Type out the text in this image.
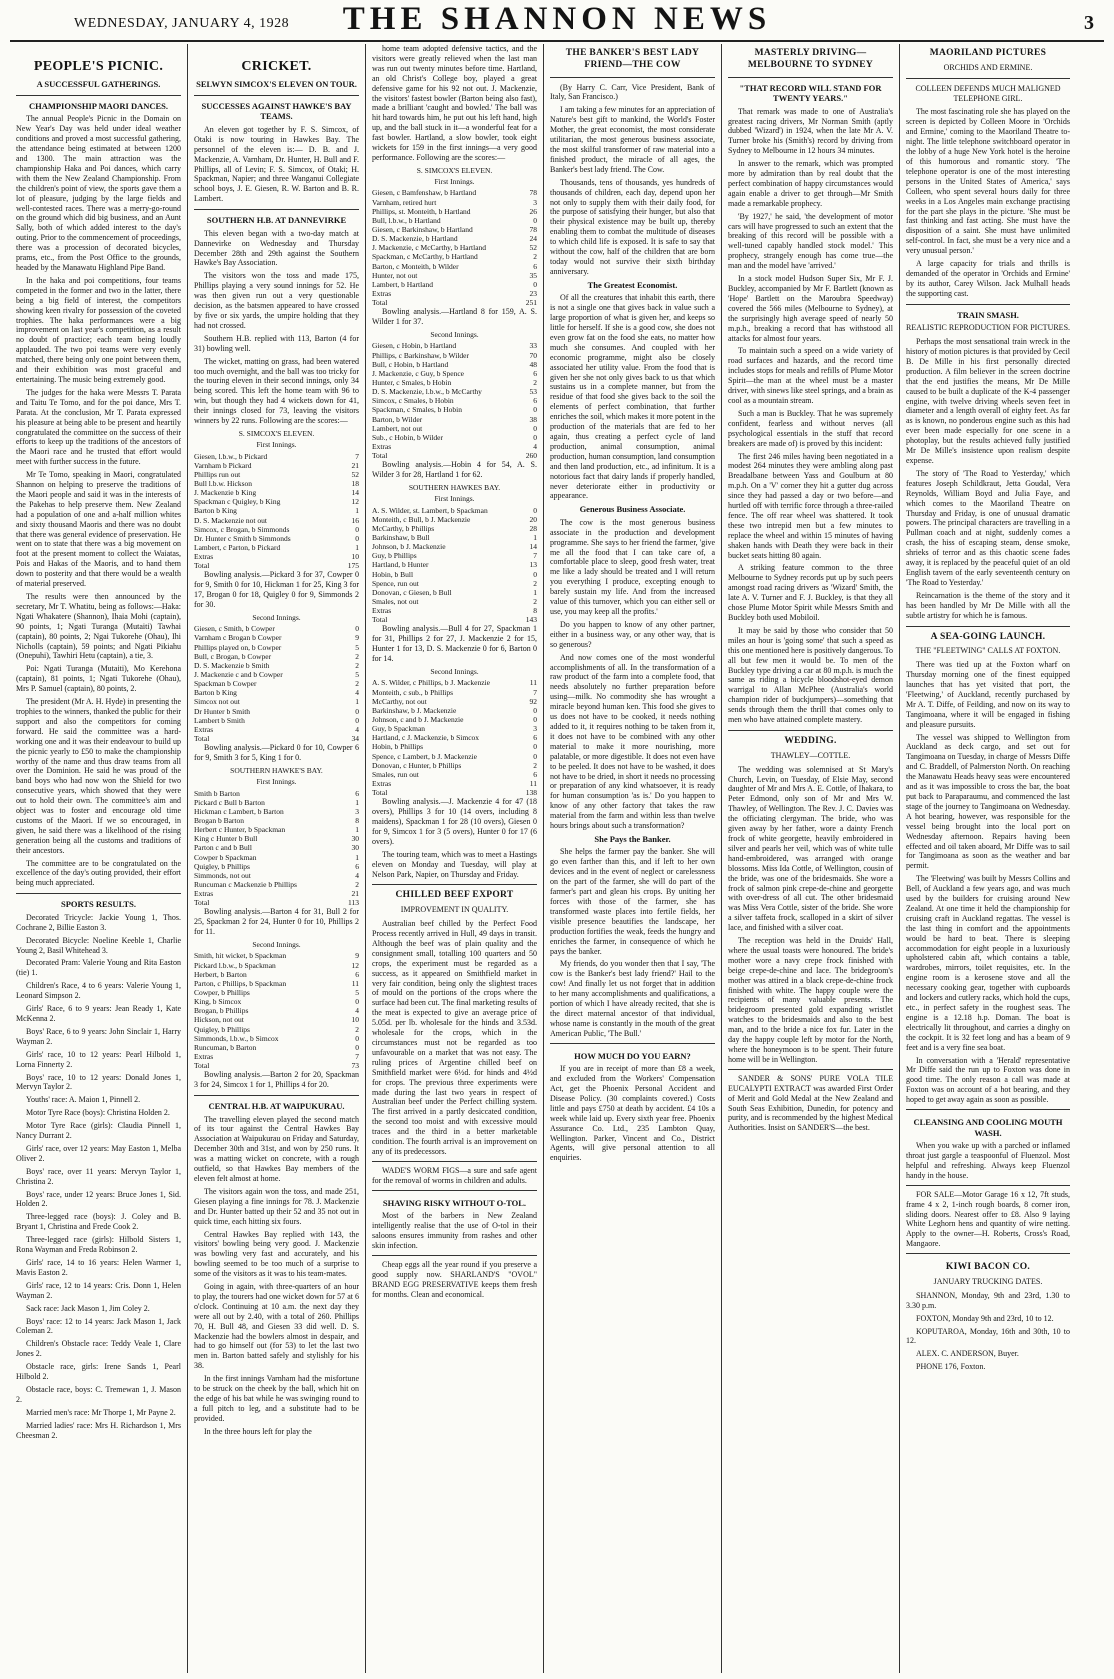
WEDNESDAY, JANUARY 4, 1928	THE SHANNON NEWS	3
PEOPLE'S PICNIC.
A SUCCESSFUL GATHERINGS.
CHAMPIONSHIP MAORI DANCES.

The annual People's Picnic in the Domain on New Year's Day was held under ideal weather conditions and proved a most successful gathering, the attendance being estimated at between 1200 and 1300. The main attraction was the championship Haka and Poi dances, which carry with them the New Zealand Championship. From the children's point of view, the sports gave them a lot of pleasure, judging by the large fields and well-contested races. There was a merry-go-round on the ground which did big business, and an Aunt Sally, both of which added interest to the day's outing. Prior to the commencement of proceedings, there was a procession of decorated bicycles, prams, etc., from the Post Office to the grounds, headed by the Manawatu Highland Pipe Band.

In the haka and poi competitions, four teams competed in the former and two in the latter, there being a big field of interest, the competitors showing keen rivalry for possession of the coveted trophies. The haka performances were a big improvement on last year's competition, as a result no doubt of practice; each team being loudly applauded. The two poi teams were very evenly matched, there being only one point between them, and their exhibition was most graceful and entertaining. The music being extremely good.

The judges for the haka were Messrs T. Parata and Taitu Te Tomo, and for the poi dance, Mrs T. Parata. At the conclusion, Mr T. Parata expressed his pleasure at being able to be present and heartily congratulated the committee on the success of their efforts to keep up the traditions of the ancestors of the Maori race and he trusted that effort would meet with further success in the future.

Mr Te Tomo, speaking in Maori, congratulated Shannon on helping to preserve the traditions of the Maori people and said it was in the interests of the Pakehas to help preserve them. New Zealand had a population of one and a-half million whites and sixty thousand Maoris and there was no doubt that there was general evidence of preservation. He went on to state that there was a big movement on foot at the present moment to collect the Waiatas, Pois and Hakas of the Maoris, and to hand them down to posterity and that there would be a wealth of material preserved.

The results were then announced by the secretary, Mr T. Whatitu, being as follows:—Haka: Ngati Whakatere (Shannon), Ihaia Mohi (captain), 90 points, 1; Ngati Turanga (Mutaiti) Tawhai (captain), 80 points, 2; Ngai Tukorehe (Ohau), Ihi Nicholls (captain), 59 points; and Ngati Pikiahu (Onepuhi), Tawhiri Hetu (captain), a tie, 3.

Poi: Ngati Turanga (Mutaiti), Mo Kerehona (captain), 81 points, 1; Ngati Tukorehe (Ohau), Mrs P. Samuel (captain), 80 points, 2.

The president (Mr A. H. Hyde) in presenting the trophies to the winners, thanked the public for their support and also the competitors for coming forward. He said the committee was a hard-working one and it was their endeavour to build up the picnic yearly to £50 to make the championship worthy of the name and thus draw teams from all over the Dominion. He said he was proud of the band boys who had now won the Shield for two consecutive years, which showed that they were out to hold their own. The committee's aim and object was to foster and encourage old time customs of the Maori. If we so encouraged, in given, he said there was a likelihood of the rising generation being all the customs and traditions of their ancestors.

The committee are to be congratulated on the excellence of the day's outing provided, their effort being much appreciated.

SPORTS RESULTS.

Decorated Tricycle: Jackie Young 1, Thos. Cochrane 2, Billie Easton 3.

Decorated Bicycle: Noeline Keeble 1, Charlie Young 2, Basil Whitehead 3.

Decorated Pram: Valerie Young and Rita Easton (tie) 1.

Children's Race, 4 to 6 years: Valerie Young 1, Leonard Simpson 2.

Girls' Race, 6 to 9 years: Jean Ready 1, Kate McKenna 2.

Boys' Race, 6 to 9 years: John Sinclair 1, Harry Wayman 2.

Girls' race, 10 to 12 years: Pearl Hilbold 1, Lorna Finnerty 2.

Boys' race, 10 to 12 years: Donald Jones 1, Mervyn Taylor 2.

Youths' race: A. Maion 1, Pinnell 2.

Motor Tyre Race (boys): Christina Holden 2.

Motor Tyre Race (girls): Claudia Pinnell 1, Nancy Durrant 2.

Girls' race, over 12 years: May Easton 1, Melba Oliver 2.

Boys' race, over 11 years: Mervyn Taylor 1, Christina 2.

Boys' race, under 12 years: Bruce Jones 1, Sid. Holden 2.

Three-legged race (boys): J. Coley and B. Bryant 1, Christina and Frede Cook 2.

Three-legged race (girls): Hilbold Sisters 1, Rona Wayman and Freda Robinson 2.

Girls' race, 14 to 16 years: Helen Warmer 1, Mavis Easton 2.

Girls' race, 12 to 14 years: Cris. Donn 1, Helen Wayman 2.

Sack race: Jack Mason 1, Jim Coley 2.

Boys' race: 12 to 14 years: Jack Mason 1, Jack Coleman 2.

Children's Obstacle race: Teddy Veale 1, Clare Jones 2.

Obstacle race, girls: Irene Sands 1, Pearl Hilbold 2.

Obstacle race, boys: C. Tremewan 1, J. Mason 2.

Married men's race: Mr Thorpe 1, Mr Payne 2.

Married ladies' race: Mrs H. Richardson 1, Mrs Cheesman 2.

CRICKET.
SELWYN SIMCOX'S ELEVEN ON TOUR.
SUCCESSES AGAINST HAWKE'S BAY TEAMS.

An eleven got together by F. S. Simcox, of Otaki is now touring in Hawkes Bay. The personnel of the eleven is:— D. B. and J. Mackenzie, A. Varnham, Dr. Hunter, H. Bull and F. Phillips, all of Levin; F. S. Simcox, of Otaki; H. Spackman, Napier; and three Wanganui Collegiate school boys, J. E. Giesen, R. W. Barton and B. R. Lambert.

SOUTHERN H.B. AT DANNEVIRKE

This eleven began with a two-day match at Dannevirke on Wednesday and Thursday December 28th and 29th against the Southern Hawke's Bay Association.

The visitors won the toss and made 175, Phillips playing a very sound innings for 52. He was then given run out a very questionable decision, as the batsmen appeared to have crossed by five or six yards, the umpire holding that they had not crossed.

Southern H.B. replied with 113, Barton (4 for 31) bowling well.

The wicket, matting on grass, had been watered too much overnight, and the ball was too tricky for the touring eleven in their second innings, only 34 being scored. This left the home team with 96 to win, but though they had 4 wickets down for 41, their innings closed for 73, leaving the visitors winners by 22 runs. Following are the scores:—

S. SIMCOX'S ELEVEN.
First Innings.
Giesen, l.b.w., b Pickard	7
Varnham b Pickard	21
Phillips run out	52
Bull l.b.w. Hickson	18
J. Mackenzie b King	14
Spackman c Quigley, b King	12
Barton b King	1
D. S. Mackenzie not out	16
Simcox, c Brogan, b Simmonds	0
Dr. Hunter c Smith b Simmonds	0
Lambert, c Parton, b Pickard	1
Extras	10
Total	175

Bowling analysis.—Pickard 3 for 37, Cowper 0 for 9, Smith 0 for 10, Hickman 1 for 25, King 3 for 17, Brogan 0 for 18, Quigley 0 for 9, Simmonds 2 for 30.

Second Innings.
Giesen, c Smith, b Cowper	0
Varnham c Brogan b Cowper	9
Phillips played on, b Cowper	5
Bull, c Brogan, b Cowper	2
D. S. Mackenzie b Smith	2
J. Mackenzie c and b Cowper	5
Spackman b Cowper	2
Barton b King	4
Simcox not out	1
Dr Hunter b Smith	0
Lambert b Smith	0
Extras	4
Total	34

Bowling analysis.—Pickard 0 for 10, Cowper 6 for 9, Smith 3 for 5, King 1 for 0.

SOUTHERN HAWKE'S BAY.
First Innings.
Smith b Barton	6
Pickard c Bull b Barton	1
Hickman c Lambert, b Barton	3
Brogan b Barton	8
Herbert c Hunter, b Spackman	1
King c Hunter b Bull	30
Parton c and b Bull	30
Cowper b Spackman	1
Quigley, b Phillips	6
Simmonds, not out	4
Runcuman c Mackenzie b Phillips	2
Extras	21
Total	113

Bowling analysis.—Barton 4 for 31, Bull 2 for 25, Spackman 2 for 24, Hunter 0 for 10, Phillips 2 for 11.

Second Innings.
Smith, hit wicket, b Spackman	9
Pickard l.b.w., b Spackman	12
Herbert, b Barton	6
Parton, c Phillips, b Spackman	11
Cowper, b Phillips	5
King, b Simcox	0
Brogan, b Phillips	4
Hickson, not out	10
Quigley, b Phillips	2
Simmonds, l.b.w., b Simcox	0
Runcuman, b Barton	0
Extras	7
Total	73

Bowling analysis.—Barton 2 for 20, Spackman 3 for 24, Simcox 1 for 1, Phillips 4 for 20.

CENTRAL H.B. AT WAIPUKURAU.

The travelling eleven played the second match of its tour against the Central Hawkes Bay Association at Waipukurau on Friday and Saturday, December 30th and 31st, and won by 250 runs. It was a matting wicket on concrete, with a rough outfield, so that Hawkes Bay members of the eleven felt almost at home.

The visitors again won the toss, and made 251, Giesen playing a fine innings for 78. J. Mackenzie and Dr. Hunter batted up their 52 and 35 not out in quick time, each hitting six fours.

Central Hawkes Bay replied with 143, the visitors' bowling being very good. J. Mackenzie was bowling very fast and accurately, and his bowling seemed to be too much of a surprise to some of the visitors as it was to his team-mates.

Going in again, with three-quarters of an hour to play, the tourers had one wicket down for 57 at 6 o'clock. Continuing at 10 a.m. the next day they were all out by 2.40, with a total of 260. Phillips 70, H. Bull 48, and Giesen 33 did well. D. S. Mackenzie had the bowlers almost in despair, and had to go himself out (for 53) to let the last two men in. Barton batted safely and stylishly for his 38.

In the first innings Varnham had the misfortune to be struck on the cheek by the ball, which hit on the edge of his bat while he was swinging round to a full pitch to leg, and a substitute had to be provided.

In the three hours left for play the

home team adopted defensive tactics, and the visitors were greatly relieved when the last man was run out twenty minutes before time. Hartland, an old Christ's College boy, played a great defensive game for his 92 not out. J. Mackenzie, the visitors' fastest bowler (Barton being also fast), made a brilliant 'caught and bowled.' The ball was hit hard towards him, he put out his left hand, high up, and the ball stuck in it—a wonderful feat for a fast bowler. Hartland, a slow bowler, took eight wickets for 159 in the first innings—a very good performance. Following are the scores:—

S. SIMCOX'S ELEVEN.
First Innings.
Giesen, c Bamfenshaw, b Hartland	78
Varnham, retired hurt	3
Phillips, st. Monteith, b Hartland	26
Bull, l.b.w., b Hartland	0
Giesen, c Barkinshaw, b Hartland	78
D. S. Mackenzie, b Hartland	24
J. Mackenzie, c McCarthy, b Hartland	52
Spackman, c McCarthy, b Hartland	2
Barton, c Monteith, b Wilder	6
Hunter, not out	35
Lambert, b Hartland	0
Extras	23
Total	251

Bowling analysis.—Hartland 8 for 159, A. S. Wilder 1 for 37.

Second Innings.
Giesen, c Hobin, b Hartland	33
Phillips, c Barkinshaw, b Wilder	70
Bull, c Hobin, b Hartland	48
J. Mackenzie, c Guy, b Spence	6
Hunter, c Smales, b Hobin	2
D. S. Mackenzie, l.b.w., b McCarthy	53
Simcox, c Smales, b Hobin	6
Spackman, c Smales, b Hobin	0
Barton, b Wilder	38
Lambert, not out	0
Sub., c Hobin, b Wilder	0
Extras	4
Total	260

Bowling analysis.—Hobin 4 for 54, A. S. Wilder 3 for 28, Hartland 1 for 62.

SOUTHERN HAWKES BAY.
First Innings.
A. S. Wilder, st. Lambert, b Spackman	0
Monteith, c Bull, b J. Mackenzie	20
McCarthy, b Phillips	28
Barkinshaw, b Bull	1
Johnson, b J. Mackenzie	14
Guy, b Phillips	7
Hartland, b Hunter	13
Hobin, b Bull	0
Spence, run out	2
Donovan, c Giesen, b Bull	1
Smales, not out	2
Extras	8
Total	143

Bowling analysis.—Bull 4 for 27, Spackman 1 for 31, Phillips 2 for 27, J. Mackenzie 2 for 15, Hunter 1 for 13, D. S. Mackenzie 0 for 6, Barton 0 for 14.

Second Innings.
A. S. Wilder, c Phillips, b J. Mackenzie	11
Monteith, c sub., b Phillips	7
McCarthy, not out	92
Barkinshaw, b J. Mackenzie	0
Johnson, c and b J. Mackenzie	0
Guy, b Spackman	3
Hartland, c J. Mackenzie, b Simcox	6
Hobin, b Phillips	0
Spence, c Lambert, b J. Mackenzie	0
Donovan, c Hunter, b Phillips	2
Smales, run out	6
Extras	11
Total	138

Bowling analysis.—J. Mackenzie 4 for 47 (18 overs), Phillips 3 for 10 (14 overs, including 8 maidens), Spackman 1 for 28 (10 overs), Giesen 0 for 9, Simcox 1 for 3 (5 overs), Hunter 0 for 17 (6 overs).

The touring team, which was to meet a Hastings eleven on Monday and Tuesday, will play at Nelson Park, Napier, on Thursday and Friday.

CHILLED BEEF EXPORT
IMPROVEMENT IN QUALITY.

Australian beef chilled by the Perfect Food Process recently arrived in Hull, 49 days in transit. Although the beef was of plain quality and the consignment small, totalling 100 quarters and 50 crops, the experiment must be regarded as a success, as it appeared on Smithfield market in very fair condition, being only the slightest traces of mould on the portions of the crops where the surface had been cut. The final marketing results of the meat is expected to give an average price of 5.05d. per lb. wholesale for the hinds and 3.53d. wholesale for the crops, which in the circumstances must not be regarded as too unfavourable on a market that was not easy. The ruling prices of Argentine chilled beef on Smithfield market were 6½d. for hinds and 4½d for crops. The previous three experiments were made during the last two years in respect of Australian beef under the Perfect chilling system. The first arrived in a partly desiccated condition, the second too moist and with excessive mould traces and the third in a better marketable condition. The fourth arrival is an improvement on any of its predecessors.

WADE'S WORM FIGS—a sure and safe agent for the removal of worms in children and adults.

SHAVING RISKY WITHOUT O-TOL.

Most of the barbers in New Zealand intelligently realise that the use of O-tol in their saloons ensures immunity from rashes and other skin infection.

Cheap eggs all the year round if you preserve a good supply now. SHARLAND'S "OVOL" BRAND EGG PRESERVATIVE keeps them fresh for months. Clean and economical.

THE BANKER'S BEST LADY FRIEND—THE COW

(By Harry C. Carr, Vice President, Bank of Italy, San Francisco.)

I am taking a few minutes for an appreciation of Nature's best gift to mankind, the World's Foster Mother, the great economist, the most considerate utilitarian, the most generous business associate, the most skilful transformer of raw material into a finished product, the miracle of all ages, the Banker's best lady friend. The Cow.

Thousands, tens of thousands, yes hundreds of thousands of children, each day, depend upon her not only to supply them with their daily food, for the purpose of satisfying their hunger, but also that their physical existence may be built up, thereby enabling them to combat the multitude of diseases to which child life is exposed. It is safe to say that without the cow, half of the children that are born today would not survive their sixth birthday anniversary.

The Greatest Economist.

Of all the creatures that inhabit this earth, there is not a single one that gives back in value such a large proportion of what is given her, and keeps so little for herself. If she is a good cow, she does not even grow fat on the food she eats, no matter how much she consumes. And coupled with her economic programme, might also be closely associated her utility value. From the food that is given her she not only gives back to us that which sustains us in a complete manner, but from the residue of that food she gives back to the soil the elements of perfect combination, that further enriches the soil, which makes it more potent in the production of the materials that are fed to her again, thus creating a perfect cycle of land production, animal consumption, animal production, human consumption, land consumption and then land production, etc., ad infinitum. It is a notorious fact that dairy lands if properly handled, never deteriorate either in productivity or appearance.

Generous Business Associate.

The cow is the most generous business associate in the production and development programme. She says to her friend the farmer, 'give me all the food that I can take care of, a comfortable place to sleep, good fresh water, treat me like a lady should be treated and I will return you everything I produce, excepting enough to barely sustain my life. And from the increased value of this turnover, which you can either sell or use, you may keep all the profits.'

Do you happen to know of any other partner, either in a business way, or any other way, that is so generous?

And now comes one of the most wonderful accomplishments of all. In the transformation of a raw product of the farm into a complete food, that needs absolutely no further preparation before using—milk. No commodity she has wrought a miracle beyond human ken. This food she gives to us does not have to be cooked, it needs nothing added to it, it requires nothing to be taken from it, it does not have to be combined with any other material to make it more nourishing, more palatable, or more digestible. It does not even have to be peeled. It does not have to be washed, it does not have to be dried, in short it needs no processing or preparation of any kind whatsoever, it is ready for human consumption 'as is.' Do you happen to know of any other factory that takes the raw material from the farm and within less than twelve hours brings about such a transformation?

She Pays the Banker.

She helps the farmer pay the banker. She will go even farther than this, and if left to her own devices and in the event of neglect or carelessness on the part of the farmer, she will do part of the farmer's part and glean his crops. By uniting her forces with those of the farmer, she has transformed waste places into fertile fields, her visible presence beautifies the landscape, her production fortifies the weak, feeds the hungry and enriches the farmer, in consequence of which he pays the banker.

My friends, do you wonder then that I say, 'The cow is the Banker's best lady friend?' Hail to the cow! And finally let us not forget that in addition to her many accomplishments and qualifications, a portion of which I have already recited, that she is the direct maternal ancestor of that individual, whose name is constantly in the mouth of the great American Public, 'The Bull.'

HOW MUCH DO YOU EARN?

If you are in receipt of more than £8 a week, and excluded from the Workers' Compensation Act, get the Phoenix Personal Accident and Disease Policy. (30 complaints covered.) Costs little and pays £750 at death by accident. £4 10s a week while laid up. Every sixth year free. Phoenix Assurance Co. Ltd., 235 Lambton Quay, Wellington. Parker, Vincent and Co., District Agents, will give personal attention to all enquiries.

MASTERLY DRIVING—MELBOURNE TO SYDNEY
"THAT RECORD WILL STAND FOR TWENTY YEARS."

That remark was made to one of Australia's greatest racing drivers, Mr Norman Smith (aptly dubbed 'Wizard') in 1924, when the late Mr A. V. Turner broke his (Smith's) record by driving from Sydney to Melbourne in 12 hours 34 minutes.

In answer to the remark, which was prompted more by admiration than by real doubt that the perfect combination of happy circumstances would again enable a driver to get through—Mr Smith made a remarkable prophecy.

'By 1927,' he said, 'the development of motor cars will have progressed to such an extent that the breaking of this record will be possible with a well-tuned capably handled stock model.' This prophecy, strangely enough has come true—the man and the model have 'arrived.'

In a stock model Hudson Super Six, Mr F. J. Buckley, accompanied by Mr F. Bartlett (known as 'Hope' Bartlett on the Maroubra Speedway) covered the 566 miles (Melbourne to Sydney), at the surprisingly high average speed of nearly 50 m.p.h., breaking a record that has withstood all attacks for almost four years.

To maintain such a speed on a wide variety of road surfaces and hazards, and the record time includes stops for meals and refills of Plume Motor Spirit—the man at the wheel must be a master driver, with sinews like steel springs, and a brain as cool as a mountain stream.

Such a man is Buckley. That he was supremely confident, fearless and without nerves (all psychological essentials in the stuff that record breakers are made of) is proved by this incident:

The first 246 miles having been negotiated in a modest 264 minutes they were ambling along past Breadalbane between Yass and Goulburn at 80 m.p.h. On a 'V' corner they hit a gutter dug across since they had passed a day or two before—and hurtled off with terrific force through a three-railed fence. The off rear wheel was shattered. It took these two intrepid men but a few minutes to replace the wheel and within 15 minutes of having shaken hands with Death they were back in their bucket seats hitting 80 again.

A striking feature common to the three Melbourne to Sydney records put up by such peers amongst road racing drivers as 'Wizard' Smith, the late A. V. Turner and F. J. Buckley, is that they all chose Plume Motor Spirit while Messrs Smith and Buckley both used Mobiloil.

It may be said by those who consider that 50 miles an hour is 'going some' that such a speed as this one mentioned here is positively dangerous. To all but few men it would be. To men of the Buckley type driving a car at 80 m.p.h. is much the same as riding a bicycle bloodshot-eyed demon warrigal to Allan McPhee (Australia's world champion rider of buckjumpers)—something that sends through them the thrill that comes only to men who have attained complete mastery.

WEDDING.
THAWLEY—COTTLE.

The wedding was solemnised at St Mary's Church, Levin, on Tuesday, of Elsie May, second daughter of Mr and Mrs A. E. Cottle, of Ihakara, to Peter Edmond, only son of Mr and Mrs W. Thawley, of Wellington. The Rev. J. C. Davies was the officiating clergyman. The bride, who was given away by her father, wore a dainty French frock of white georgette, heavily embroidered in silver and pearls her veil, which was of white tulle hand-embroidered, was arranged with orange blossoms. Miss Ida Cottle, of Wellington, cousin of the bride, was one of the bridesmaids. She wore a frock of salmon pink crepe-de-chine and georgette with over-dress of all cut. The other bridesmaid was Miss Vera Cottle, sister of the bride. She wore a silver taffeta frock, scalloped in a skirt of silver lace, and finished with a silver coat.

The reception was held in the Druids' Hall, where the usual toasts were honoured. The bride's mother wore a navy crepe frock finished with beige crepe-de-chine and lace. The bridegroom's mother was attired in a black crepe-de-chine frock finished with white. The happy couple were the recipients of many valuable presents. The bridegroom presented gold expanding wristlet watches to the bridesmaids and also to the best man, and to the bride a nice fox fur. Later in the day the happy couple left by motor for the North, where the honeymoon is to be spent. Their future home will be in Wellington.

SANDER & SONS' PURE VOLA TILE EUCALYPTI EXTRACT was awarded First Order of Merit and Gold Medal at the New Zealand and South Seas Exhibition, Dunedin, for potency and purity, and is recommended by the highest Medical Authorities. Insist on SANDER'S—the best.

MAORILAND PICTURES
ORCHIDS AND ERMINE.
COLLEEN DEFENDS MUCH MALIGNED TELEPHONE GIRL.

The most fascinating role she has played on the screen is depicted by Colleen Moore in 'Orchids and Ermine,' coming to the Maoriland Theatre to-night. The little telephone switchboard operator in the lobby of a huge New York hotel is the heroine of this humorous and romantic story. 'The telephone operator is one of the most interesting persons in the United States of America,' says Colleen, who spent several hours daily for three weeks in a Los Angeles main exchange practising for the part she plays in the picture. 'She must be fast thinking and fast acting. She must have the disposition of a saint. She must have unlimited self-control. In fact, she must be a very nice and a very unusual person.'

A large capacity for trials and thrills is demanded of the operator in 'Orchids and Ermine' by its author, Carey Wilson. Jack Mulhall heads the supporting cast.

TRAIN SMASH.
REALISTIC REPRODUCTION FOR PICTURES.

Perhaps the most sensational train wreck in the history of motion pictures is that provided by Cecil B. De Mille in his first personally directed production. A film believer in the screen doctrine that the end justifies the means, Mr De Mille caused to be built a duplicate of the K-4 passenger engine, with twelve driving wheels seven feet in diameter and a length overall of eighty feet. As far as is known, no ponderous engine such as this had ever been made especially for one scene in a photoplay, but the results achieved fully justified Mr De Mille's insistence upon realism despite expense.

The story of 'The Road to Yesterday,' which features Joseph Schildkraut, Jetta Goudal, Vera Reynolds, William Boyd and Julia Faye, and which comes to the Maoriland Theatre on Thursday and Friday, is one of unusual dramatic powers. The principal characters are travelling in a Pullman coach and at night, suddenly comes a crash, the hiss of escaping steam, dense smoke, shrieks of terror and as this chaotic scene fades away, it is replaced by the peaceful quiet of an old English tavern of the early seventeenth century on 'The Road to Yesterday.'

Reincarnation is the theme of the story and it has been handled by Mr De Mille with all the subtle artistry for which he is famous.

A SEA-GOING LAUNCH.
THE "FLEETWING" CALLS AT FOXTON.

There was tied up at the Foxton wharf on Thursday morning one of the finest equipped launches that has yet visited that port, the 'Fleetwing,' of Auckland, recently purchased by Mr A. T. Diffe, of Feilding, and now on its way to Tangimoana, where it will be engaged in fishing and pleasure pursuits.

The vessel was shipped to Wellington from Auckland as deck cargo, and set out for Tangimoana on Tuesday, in charge of Messrs Diffe and C. Braddell, of Palmerston North. On reaching the Manawatu Heads heavy seas were encountered and as it was impossible to cross the bar, the boat put back to Paraparaumu, and commenced the last stage of the journey to Tangimoana on Wednesday. A hot bearing, however, was responsible for the vessel being brought into the local port on Wednesday afternoon. Repairs having been effected and oil taken aboard, Mr Diffe was to sail for Tangimoana as soon as the weather and bar permit.

The 'Fleetwing' was built by Messrs Collins and Bell, of Auckland a few years ago, and was much used by the builders for cruising around New Zealand. At one time it held the championship for cruising craft in Auckland regattas. The vessel is the last thing in comfort and the appointments would be hard to beat. There is sleeping accommodation for eight people in a luxuriously upholstered cabin aft, which contains a table, wardrobes, mirrors, toilet requisites, etc. In the engine room is a kerosene stove and all the necessary cooking gear, together with cupboards and lockers and cutlery racks, which hold the cups, etc., in perfect safety in the roughest seas. The engine is a 12.18 h.p. Doman. The boat is electrically lit throughout, and carries a dinghy on the cockpit. It is 32 feet long and has a beam of 9 feet and is a very fine sea boat.

In conversation with a 'Herald' representative Mr Diffe said the run up to Foxton was done in good time. The only reason a call was made at Foxton was on account of a hot bearing, and they hoped to get away again as soon as possible.

CLEANSING AND COOLING MOUTH WASH.

When you wake up with a parched or inflamed throat just gargle a teaspoonful of Fluenzol. Most helpful and refreshing. Always keep Fluenzol handy in the house.

FOR SALE—Motor Garage 16 x 12, 7ft studs, frame 4 x 2, 1-inch rough boards, 8 corner iron, sliding doors. Nearest offer to £8. Also 9 laying White Leghorn hens and quantity of wire netting. Apply to the owner—H. Roberts, Cross's Road, Mangaore.

KIWI BACON CO.
JANUARY TRUCKING DATES.

SHANNON, Monday, 9th and 23rd, 1.30 to 3.30 p.m.

FOXTON, Monday 9th and 23rd, 10 to 12.

KOPUTAROA, Monday, 16th and 30th, 10 to 12.

ALEX. C. ANDERSON, Buyer.

PHONE 176, Foxton.
